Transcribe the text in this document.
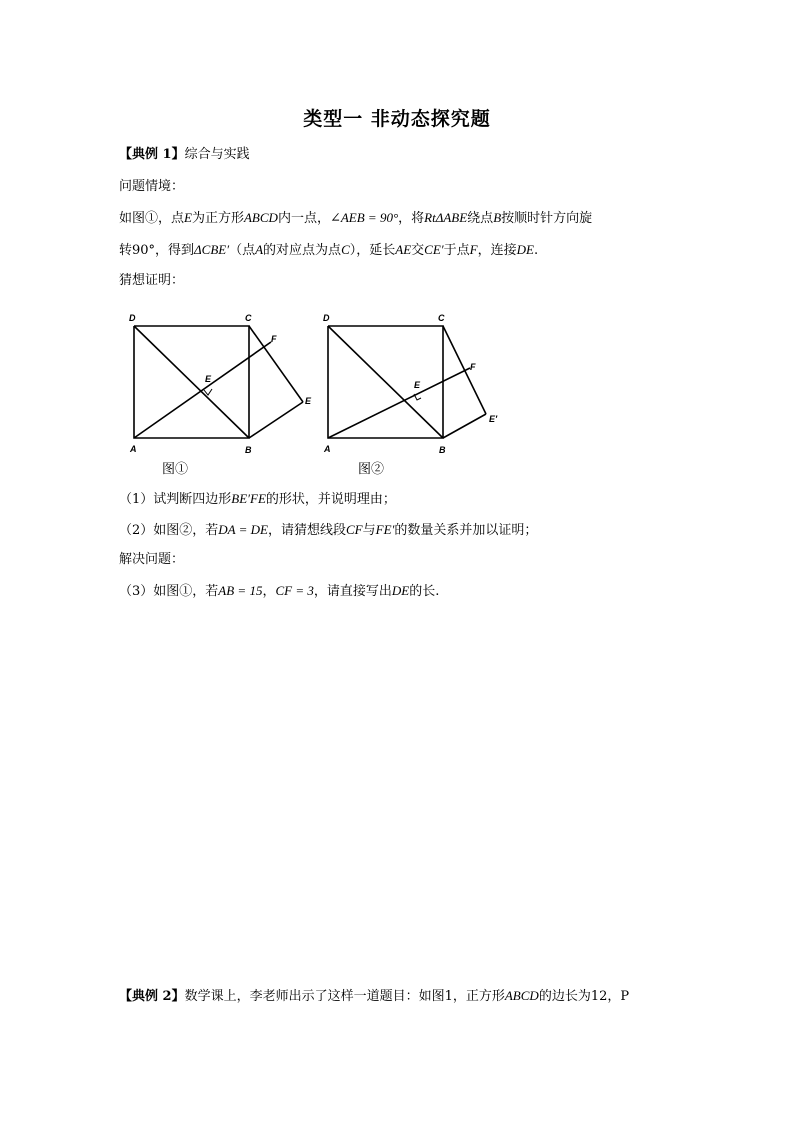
类型一 非动态探究题
【典例 1】综合与实践
问题情境：
如图①，点E为正方形ABCD内一点，∠AEB = 90°，将RtΔABE绕点B按顺时针方向旋
转90°，得到ΔCBE′（点A的对应点为点C），延长AE交CE′于点F，连接DE.
猜想证明：
D	C
F
E
E
A	B
图①
D	C
F
E
E′
A	B
图②
（1）试判断四边形BE′FE的形状，并说明理由；
（2）如图②，若DA = DE，请猜想线段CF与FE′的数量关系并加以证明；
解决问题：
（3）如图①，若AB = 15，CF = 3，请直接写出DE的长.
【典例 2】数学课上，李老师出示了这样一道题目：如图1，正方形ABCD的边长为12，P
